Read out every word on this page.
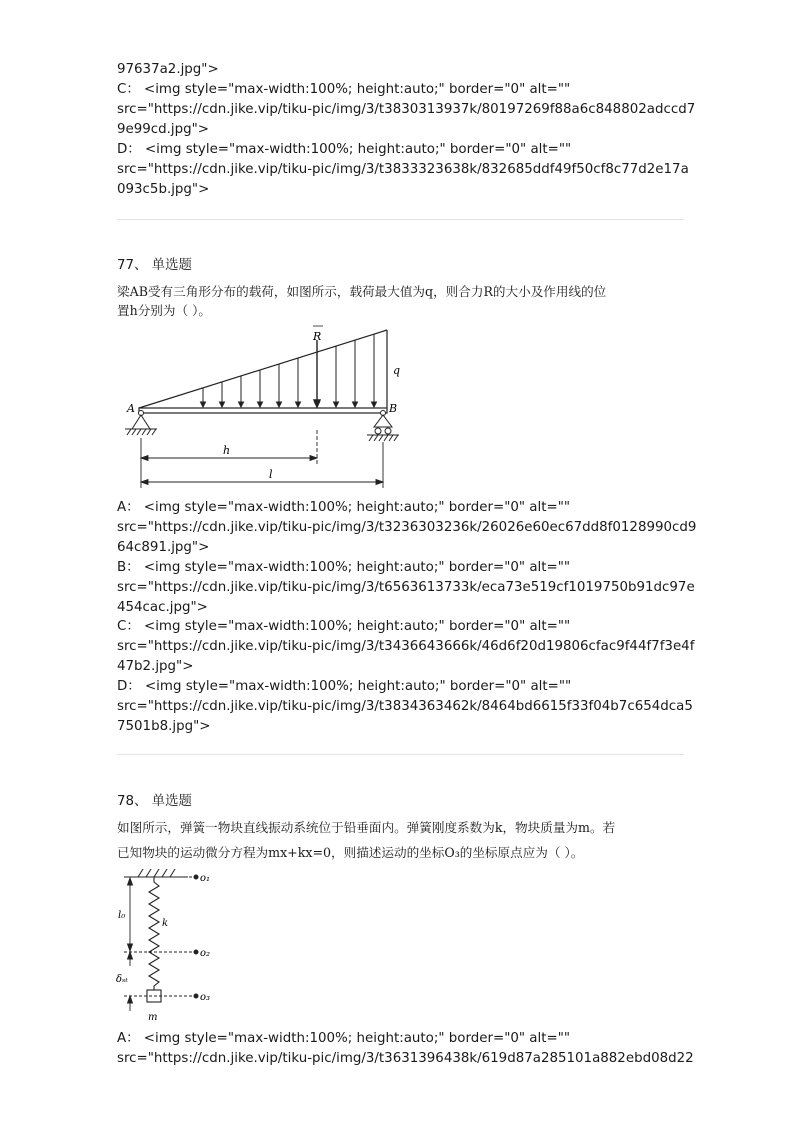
97637a2.jpg">
C： <img style="max-width:100%; height:auto;" border="0" alt=""
src="https://cdn.jike.vip/tiku-pic/img/3/t3830313937k/80197269f88a6c848802adccd7
9e99cd.jpg">
D： <img style="max-width:100%; height:auto;" border="0" alt=""
src="https://cdn.jike.vip/tiku-pic/img/3/t3833323638k/832685ddf49f50cf8c77d2e17a
093c5b.jpg">
77、 单选题
梁AB受有三角形分布的载荷，如图所示，载荷最大值为q，则合力R的大小及作用线的位
置h分别为（ ）。
R
q
A	B
h
l
A： <img style="max-width:100%; height:auto;" border="0" alt=""
src="https://cdn.jike.vip/tiku-pic/img/3/t3236303236k/26026e60ec67dd8f0128990cd9
64c891.jpg">
B： <img style="max-width:100%; height:auto;" border="0" alt=""
src="https://cdn.jike.vip/tiku-pic/img/3/t6563613733k/eca73e519cf1019750b91dc97e
454cac.jpg">
C： <img style="max-width:100%; height:auto;" border="0" alt=""
src="https://cdn.jike.vip/tiku-pic/img/3/t3436643666k/46d6f20d19806cfac9f44f7f3e4f
47b2.jpg">
D： <img style="max-width:100%; height:auto;" border="0" alt=""
src="https://cdn.jike.vip/tiku-pic/img/3/t3834363462k/8464bd6615f33f04b7c654dca5
7501b8.jpg">
78、 单选题
如图所示，弹簧一物块直线振动系统位于铅垂面内。弹簧刚度系数为k，物块质量为m。若
已知物块的运动微分方程为mx+kx=0，则描述运动的坐标O₃的坐标原点应为（ ）。
o₁
o₂
o₃
k
l₀
δₛₜ
m
A： <img style="max-width:100%; height:auto;" border="0" alt=""
src="https://cdn.jike.vip/tiku-pic/img/3/t3631396438k/619d87a285101a882ebd08d22
